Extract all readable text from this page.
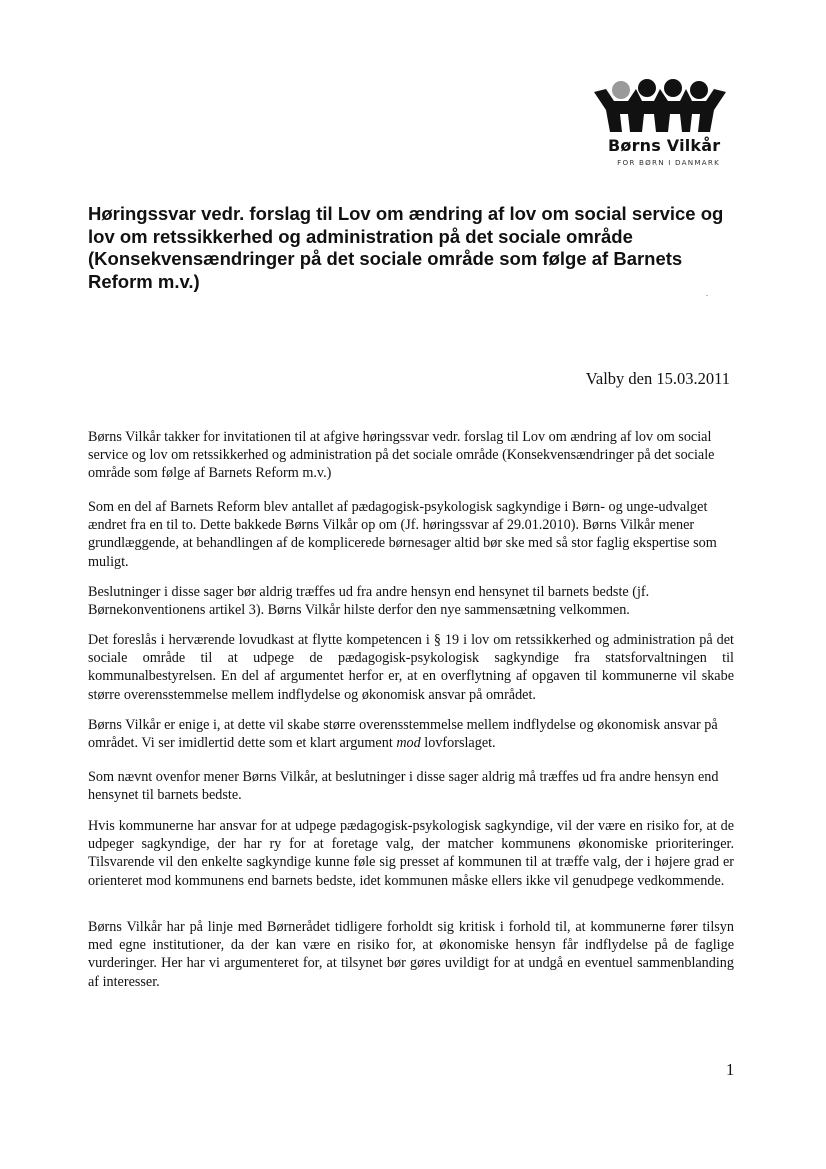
Børns Vilkår
FOR BØRN I DANMARK
Høringssvar vedr. forslag til Lov om ændring af lov om social service og lov om retssikkerhed og administration på det sociale område (Konsekvensændringer på det sociale område som følge af Barnets Reform m.v.)
Valby den 15.03.2011

Børns Vilkår takker for invitationen til at afgive høringssvar vedr. forslag til Lov om ændring af lov om social service og lov om retssikkerhed og administration på det sociale område (Konsekvensændringer på det sociale område som følge af Barnets Reform m.v.)

Som en del af Barnets Reform blev antallet af pædagogisk-psykologisk sagkyndige i Børn- og unge-udvalget ændret fra en til to. Dette bakkede Børns Vilkår op om (Jf. høringssvar af 29.01.2010). Børns Vilkår mener grundlæggende, at behandlingen af de komplicerede børnesager altid bør ske med så stor faglig ekspertise som muligt.

Beslutninger i disse sager bør aldrig træffes ud fra andre hensyn end hensynet til barnets bedste (jf. Børnekonventionens artikel 3). Børns Vilkår hilste derfor den nye sammensætning velkommen.

Det foreslås i herværende lovudkast at flytte kompetencen i § 19 i lov om retssikkerhed og administration på det sociale område til at udpege de pædagogisk-psykologisk sagkyndige fra statsforvaltningen til kommunalbestyrelsen. En del af argumentet herfor er, at en overflytning af opgaven til kommunerne vil skabe større overensstemmelse mellem indflydelse og økonomisk ansvar på området.

Børns Vilkår er enige i, at dette vil skabe større overensstemmelse mellem indflydelse og økonomisk ansvar på området. Vi ser imidlertid dette som et klart argument mod lovforslaget.

Som nævnt ovenfor mener Børns Vilkår, at beslutninger i disse sager aldrig må træffes ud fra andre hensyn end hensynet til barnets bedste.

Hvis kommunerne har ansvar for at udpege pædagogisk-psykologisk sagkyndige, vil der være en risiko for, at de udpeger sagkyndige, der har ry for at foretage valg, der matcher kommunens økonomiske prioriteringer. Tilsvarende vil den enkelte sagkyndige kunne føle sig presset af kommunen til at træffe valg, der i højere grad er orienteret mod kommunens end barnets bedste, idet kommunen måske ellers ikke vil genudpege vedkommende.

Børns Vilkår har på linje med Børnerådet tidligere forholdt sig kritisk i forhold til, at kommunerne fører tilsyn med egne institutioner, da der kan være en risiko for, at økonomiske hensyn får indflydelse på de faglige vurderinger. Her har vi argumenteret for, at tilsynet bør gøres uvildigt for at undgå en eventuel sammenblanding af interesser.

1
